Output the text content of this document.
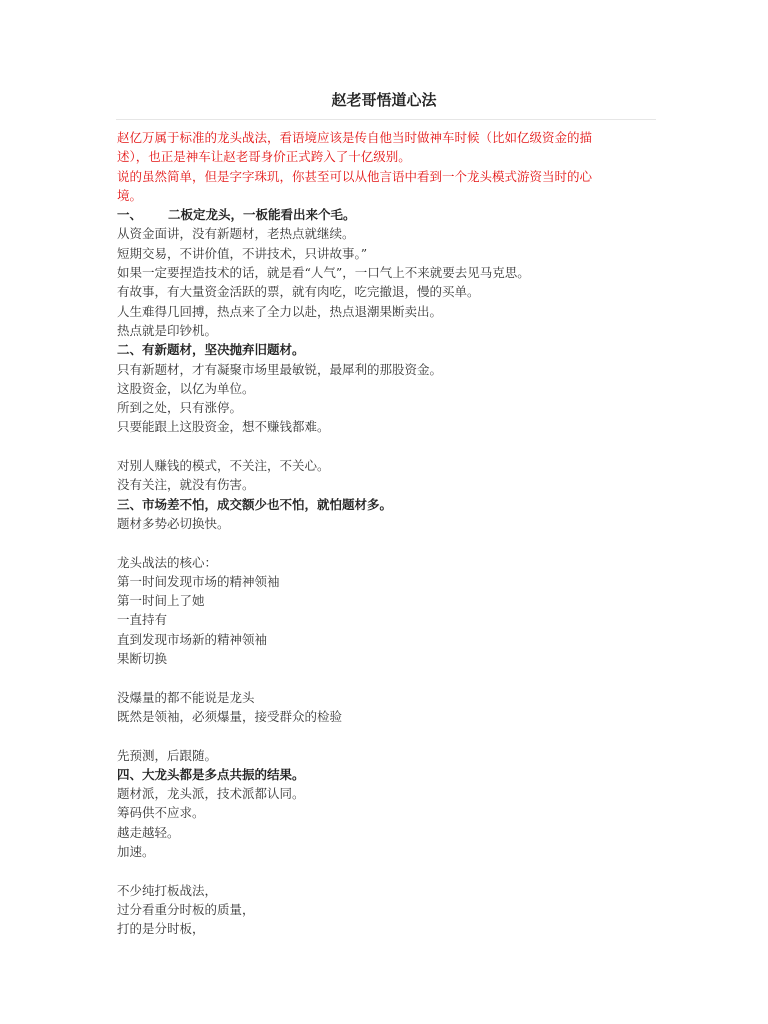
赵老哥悟道心法
赵亿万属于标准的龙头战法，看语境应该是传自他当时做神车时候（比如亿级资金的描
述），也正是神车让赵老哥身价正式跨入了十亿级别。
说的虽然简单，但是字字珠玑，你甚至可以从他言语中看到一个龙头模式游资当时的心
境。
一、 二板定龙头，一板能看出来个毛。
从资金面讲，没有新题材，老热点就继续。
短期交易，不讲价值，不讲技术，只讲故事。”
如果一定要捏造技术的话，就是看“人气”，一口气上不来就要去见马克思。
有故事，有大量资金活跃的票，就有肉吃，吃完撤退，慢的买单。
人生难得几回搏，热点来了全力以赴，热点退潮果断卖出。
热点就是印钞机。
二、有新题材，坚决抛弃旧题材。
只有新题材，才有凝聚市场里最敏锐，最犀利的那股资金。
这股资金，以亿为单位。
所到之处，只有涨停。
只要能跟上这股资金，想不赚钱都难。
对别人赚钱的模式，不关注，不关心。
没有关注，就没有伤害。
三、市场差不怕，成交额少也不怕，就怕题材多。
题材多势必切换快。
龙头战法的核心：
第一时间发现市场的精神领袖
第一时间上了她
一直持有
直到发现市场新的精神领袖
果断切换
没爆量的都不能说是龙头
既然是领袖，必须爆量，接受群众的检验
先预测，后跟随。
四、大龙头都是多点共振的结果。
题材派，龙头派，技术派都认同。
筹码供不应求。
越走越轻。
加速。
不少纯打板战法，
过分看重分时板的质量，
打的是分时板，
